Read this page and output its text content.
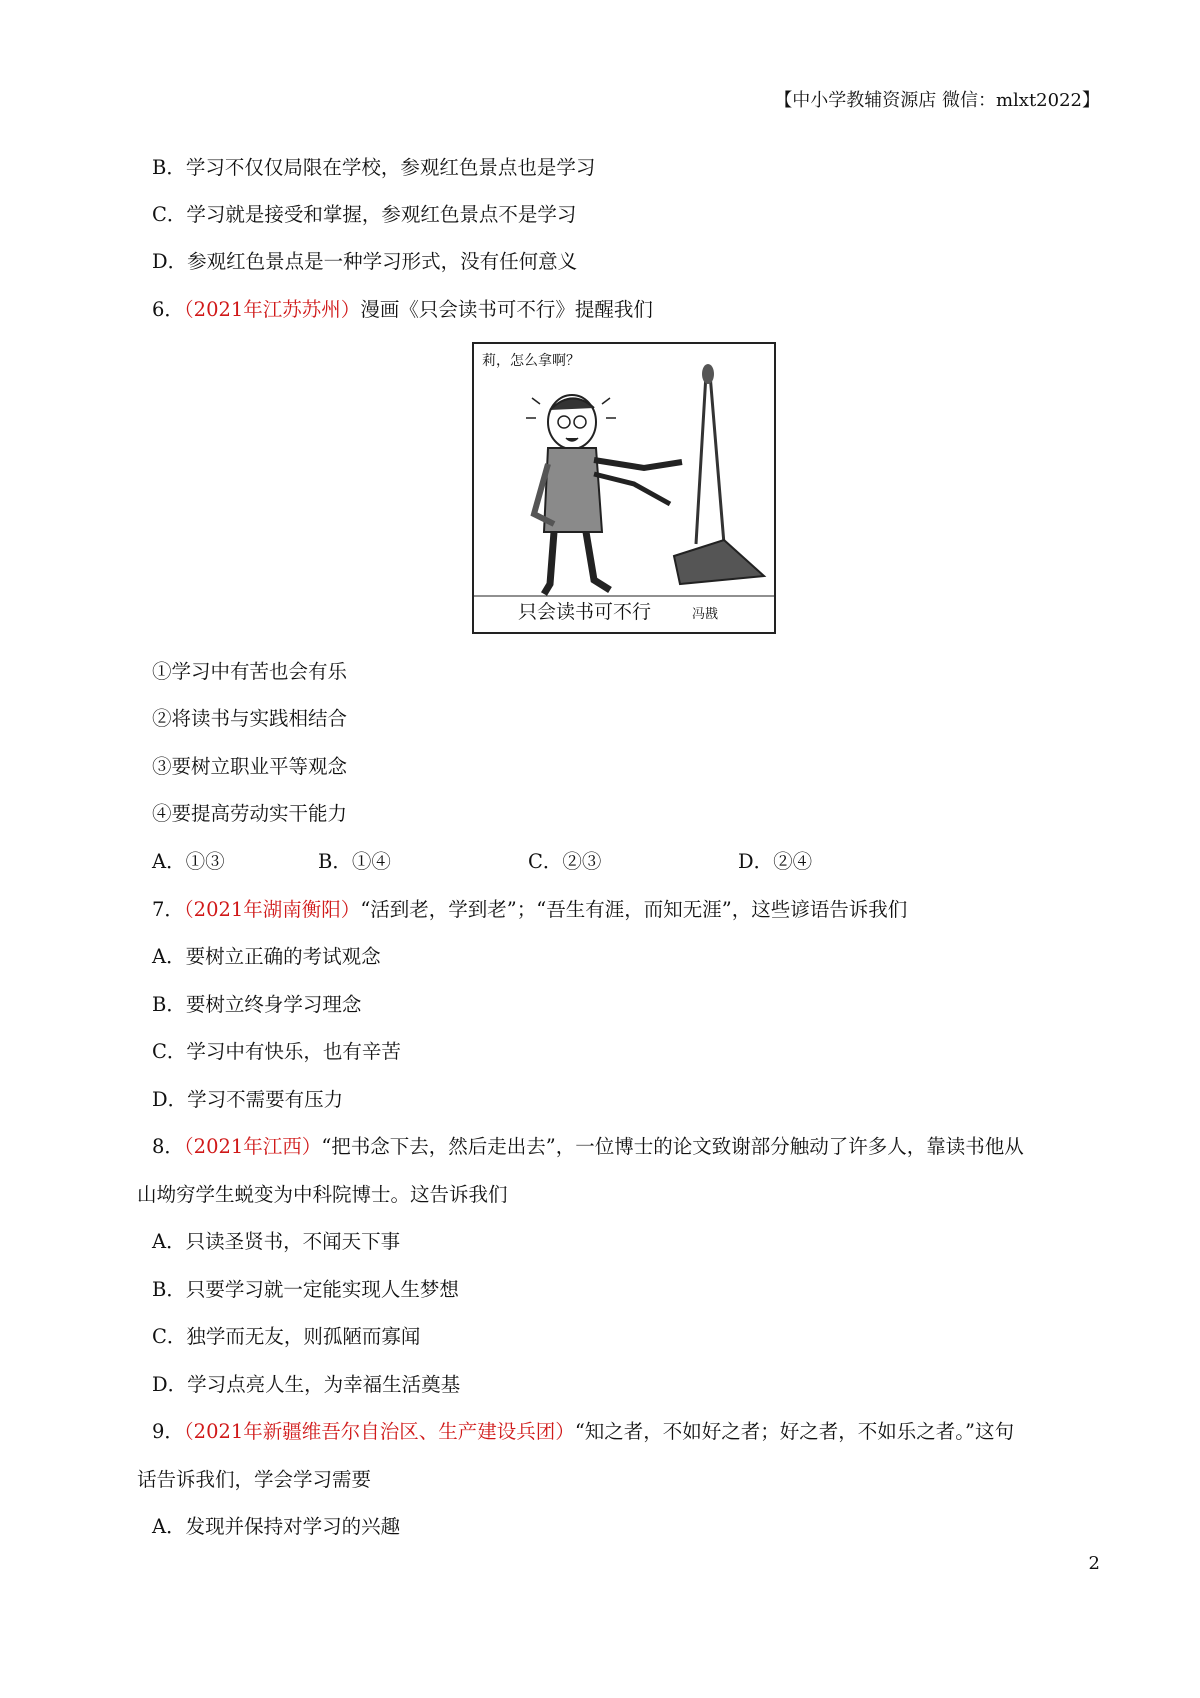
【中小学教辅资源店 微信：mlxt2022】
B．学习不仅仅局限在学校，参观红色景点也是学习
C．学习就是接受和掌握，参观红色景点不是学习
D．参观红色景点是一种学习形式，没有任何意义
6．（2021年江苏苏州）漫画《只会读书可不行》提醒我们
莉，怎么拿啊？
只会读书可不行	冯戡
①学习中有苦也会有乐
②将读书与实践相结合
③要树立职业平等观念
④要提高劳动实干能力
A．①③	B．①④	C．②③	D．②④
7．（2021年湖南衡阳）“活到老，学到老”；“吾生有涯，而知无涯”，这些谚语告诉我们
A．要树立正确的考试观念
B．要树立终身学习理念
C．学习中有快乐，也有辛苦
D．学习不需要有压力
8．（2021年江西）“把书念下去，然后走出去”，一位博士的论文致谢部分触动了许多人，靠读书他从
山坳穷学生蜕变为中科院博士。这告诉我们
A．只读圣贤书，不闻天下事
B．只要学习就一定能实现人生梦想
C．独学而无友，则孤陋而寡闻
D．学习点亮人生，为幸福生活奠基
9．（2021年新疆维吾尔自治区、生产建设兵团）“知之者，不如好之者；好之者，不如乐之者。”这句
话告诉我们，学会学习需要
A．发现并保持对学习的兴趣
2
